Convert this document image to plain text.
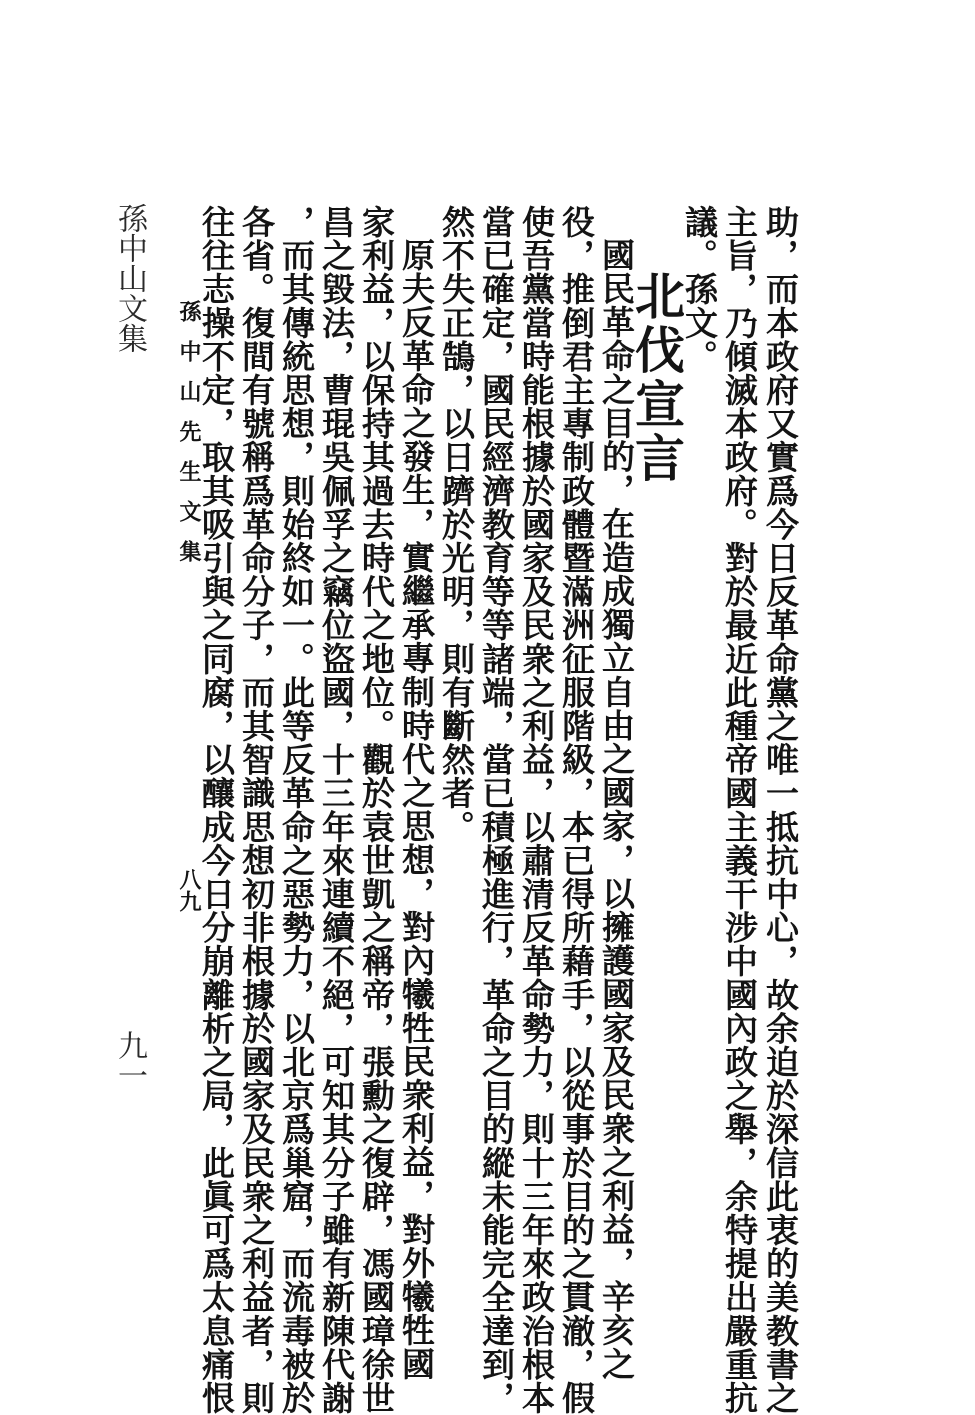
孫中山文集
九一	助，而本政府又實爲今日反革命黨之唯一抵抗中心，故余迫於深信此衷的美教書之
主旨，乃傾滅本政府。對於最近此種帝國主義干涉中國內政之舉，余特提出嚴重抗
議。孫文。
北伐宣言
國民革命之目的，在造成獨立自由之國家，以擁護國家及民衆之利益，辛亥之
役，推倒君主專制政體暨滿洲征服階級，本已得所藉手，以從事於目的之貫澈，假
使吾黨當時能根據於國家及民衆之利益，以肅清反革命勢力，則十三年來政治根本
當已確定，國民經濟教育等等諸端，當已積極進行，革命之目的縱未能完全達到，
然不失正鵠，以日躋於光明，則有斷然者。
原夫反革命之發生，實繼承專制時代之思想，對內犧牲民衆利益，對外犧牲國
家利益，以保持其過去時代之地位。觀於袁世凱之稱帝，張勳之復辟，馮國璋徐世
昌之毀法，曹琨吳佩孚之竊位盜國，十三年來連續不絕，可知其分子雖有新陳代謝
，而其傳統思想，則始終如一。此等反革命之惡勢力，以北京爲巢窟，而流毒被於
各省。復間有號稱爲革命分子，而其智識思想初非根據於國家及民衆之利益者，則
往往志操不定，取其吸引與之同腐，以釀成今日分崩離析之局，此眞可爲太息痛恨
孫中山先生文集
八九
